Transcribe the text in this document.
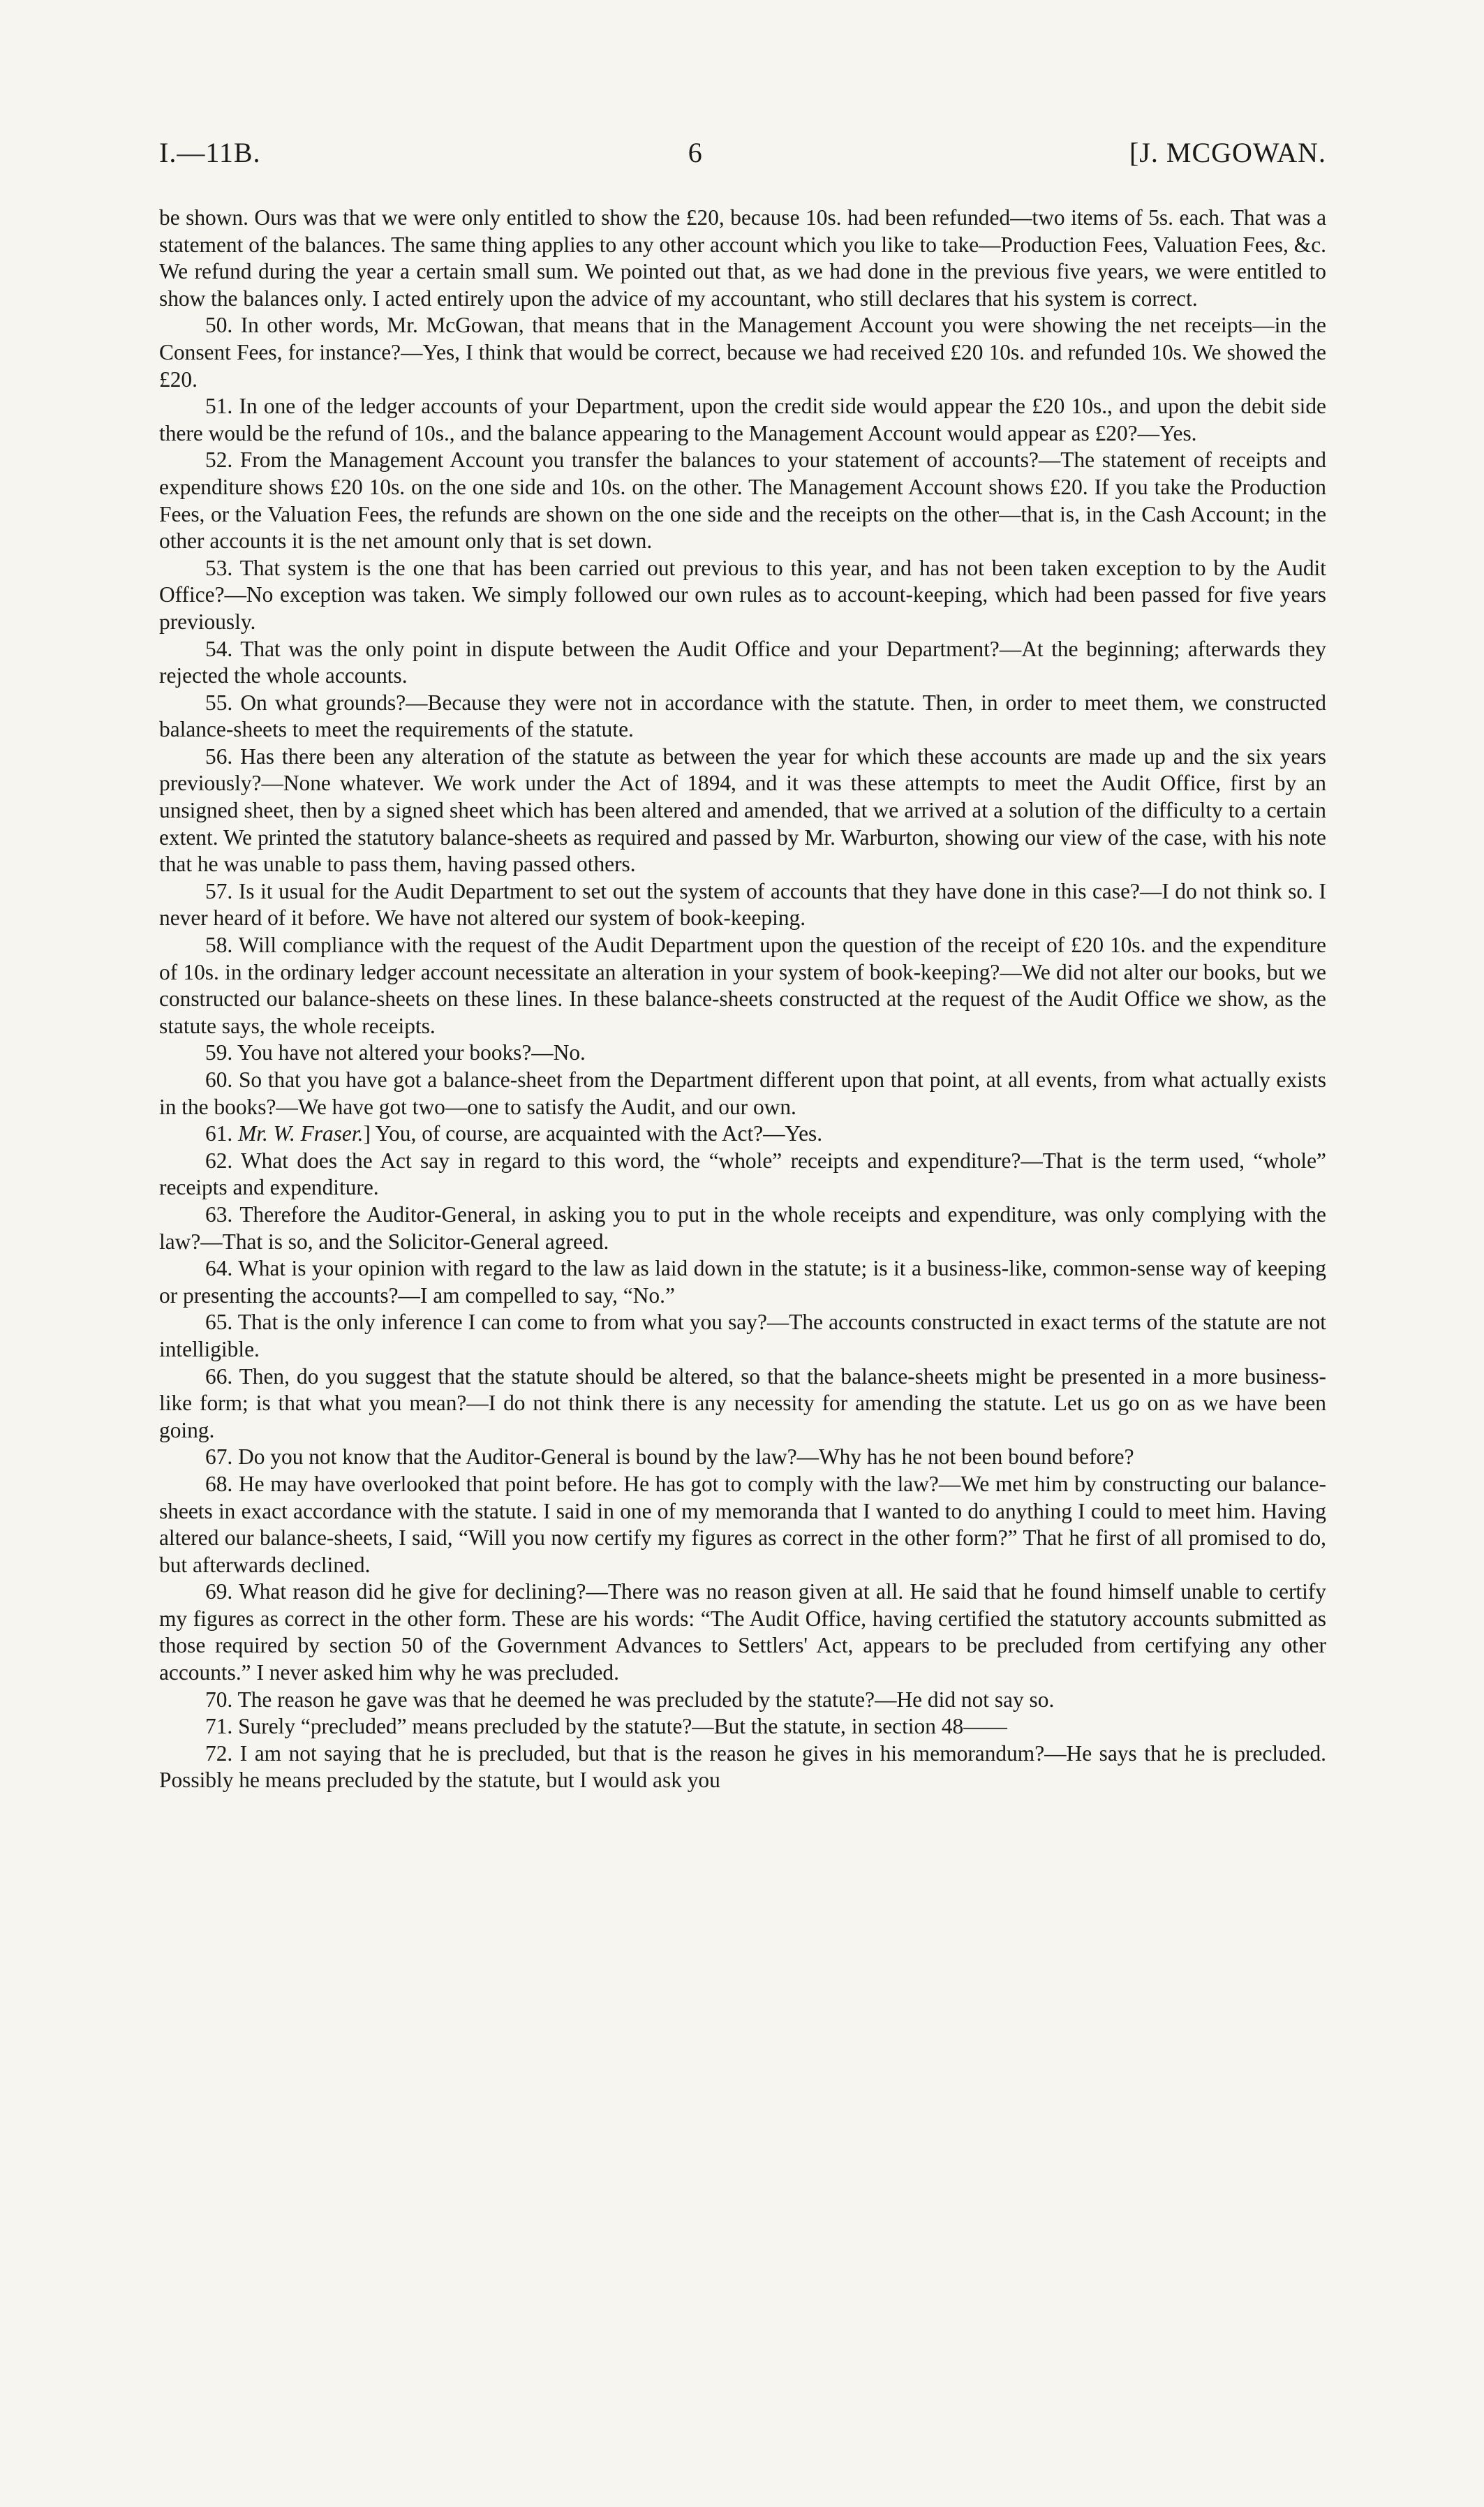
I.—11B.	6	[J. MCGOWAN.

be shown. Ours was that we were only entitled to show the £20, because 10s. had been refunded—two items of 5s. each. That was a statement of the balances. The same thing applies to any other account which you like to take—Production Fees, Valuation Fees, &c. We refund during the year a certain small sum. We pointed out that, as we had done in the previous five years, we were entitled to show the balances only. I acted entirely upon the advice of my accountant, who still declares that his system is correct.

50. In other words, Mr. McGowan, that means that in the Management Account you were showing the net receipts—in the Consent Fees, for instance?—Yes, I think that would be correct, because we had received £20 10s. and refunded 10s. We showed the £20.

51. In one of the ledger accounts of your Department, upon the credit side would appear the £20 10s., and upon the debit side there would be the refund of 10s., and the balance appearing to the Management Account would appear as £20?—Yes.

52. From the Management Account you transfer the balances to your statement of accounts?—The statement of receipts and expenditure shows £20 10s. on the one side and 10s. on the other. The Management Account shows £20. If you take the Production Fees, or the Valuation Fees, the refunds are shown on the one side and the receipts on the other—that is, in the Cash Account; in the other accounts it is the net amount only that is set down.

53. That system is the one that has been carried out previous to this year, and has not been taken exception to by the Audit Office?—No exception was taken. We simply followed our own rules as to account-keeping, which had been passed for five years previously.

54. That was the only point in dispute between the Audit Office and your Department?—At the beginning; afterwards they rejected the whole accounts.

55. On what grounds?—Because they were not in accordance with the statute. Then, in order to meet them, we constructed balance-sheets to meet the requirements of the statute.

56. Has there been any alteration of the statute as between the year for which these accounts are made up and the six years previously?—None whatever. We work under the Act of 1894, and it was these attempts to meet the Audit Office, first by an unsigned sheet, then by a signed sheet which has been altered and amended, that we arrived at a solution of the difficulty to a certain extent. We printed the statutory balance-sheets as required and passed by Mr. Warburton, showing our view of the case, with his note that he was unable to pass them, having passed others.

57. Is it usual for the Audit Department to set out the system of accounts that they have done in this case?—I do not think so. I never heard of it before. We have not altered our system of book-keeping.

58. Will compliance with the request of the Audit Department upon the question of the receipt of £20 10s. and the expenditure of 10s. in the ordinary ledger account necessitate an alteration in your system of book-keeping?—We did not alter our books, but we constructed our balance-sheets on these lines. In these balance-sheets constructed at the request of the Audit Office we show, as the statute says, the whole receipts.

59. You have not altered your books?—No.

60. So that you have got a balance-sheet from the Department different upon that point, at all events, from what actually exists in the books?—We have got two—one to satisfy the Audit, and our own.

61. Mr. W. Fraser.] You, of course, are acquainted with the Act?—Yes.

62. What does the Act say in regard to this word, the “whole” receipts and expenditure?—That is the term used, “whole” receipts and expenditure.

63. Therefore the Auditor-General, in asking you to put in the whole receipts and expenditure, was only complying with the law?—That is so, and the Solicitor-General agreed.

64. What is your opinion with regard to the law as laid down in the statute; is it a business-like, common-sense way of keeping or presenting the accounts?—I am compelled to say, “No.”

65. That is the only inference I can come to from what you say?—The accounts constructed in exact terms of the statute are not intelligible.

66. Then, do you suggest that the statute should be altered, so that the balance-sheets might be presented in a more business-like form; is that what you mean?—I do not think there is any necessity for amending the statute. Let us go on as we have been going.

67. Do you not know that the Auditor-General is bound by the law?—Why has he not been bound before?

68. He may have overlooked that point before. He has got to comply with the law?—We met him by constructing our balance-sheets in exact accordance with the statute. I said in one of my memoranda that I wanted to do anything I could to meet him. Having altered our balance-sheets, I said, “Will you now certify my figures as correct in the other form?” That he first of all promised to do, but afterwards declined.

69. What reason did he give for declining?—There was no reason given at all. He said that he found himself unable to certify my figures as correct in the other form. These are his words: “The Audit Office, having certified the statutory accounts submitted as those required by section 50 of the Government Advances to Settlers' Act, appears to be precluded from certifying any other accounts.” I never asked him why he was precluded.

70. The reason he gave was that he deemed he was precluded by the statute?—He did not say so.

71. Surely “precluded” means precluded by the statute?—But the statute, in section 48——

72. I am not saying that he is precluded, but that is the reason he gives in his memorandum?—He says that he is precluded. Possibly he means precluded by the statute, but I would ask you
